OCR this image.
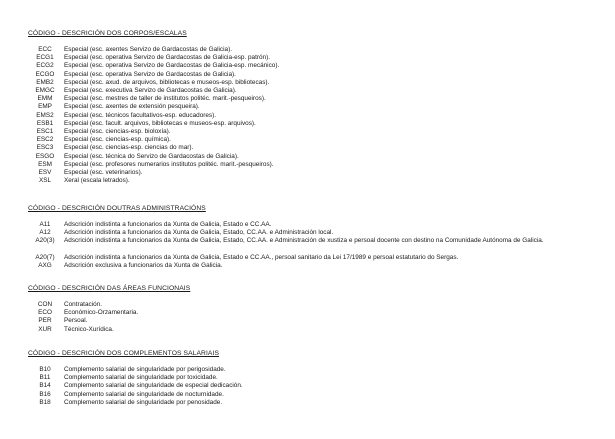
CÓDIGO - DESCRICIÓN DOS CORPOS/ESCALAS
ECC	Especial (esc. axentes Servizo de Gardacostas de Galicia).
ECG1	Especial (esc. operativa Servizo de Gardacostas de Galicia-esp. patrón).
ECG2	Especial (esc. operativa Servizo de Gardacostas de Galicia-esp. mecánico).
ECGO	Especial (esc. operativa Servizo de Gardacostas de Galicia).
EMB2	Especial (esc. axud. de arquivos, bibliotecas e museos-esp. bibliotecas).
EMGC	Especial (esc. executiva Servizo de Gardacostas de Galicia).
EMM	Especial (esc. mestres de taller de institutos politéc. marit.-pesqueiros).
EMP	Especial (esc. axentes de extensión pesqueira).
EMS2	Especial (esc. técnicos facultativos-esp. educadores).
ESB1	Especial (esc. facult. arquivos, bibliotecas e museos-esp. arquivos).
ESC1	Especial (esc. ciencias-esp. bioloxía).
ESC2	Especial (esc. ciencias-esp. química).
ESC3	Especial (esc. ciencias-esp. ciencias do mar).
ESGO	Especial (esc. técnica do Servizo de Gardacostas de Galicia).
ESM	Especial (esc. profesores numerarios institutos politéc. marit.-pesqueiros).
ESV	Especial (esc. veterinarios).
XSL	Xeral (escala letrados).
CÓDIGO - DESCRICIÓN DOUTRAS ADMINISTRACIÓNS
A11	Adscrición indistinta a funcionarios da Xunta de Galicia, Estado e CC.AA.
A12	Adscrición indistinta a funcionarios da Xunta de Galicia, Estado, CC.AA. e Administración local.
A20(3)	Adscrición indistinta a funcionarios da Xunta de Galicia, Estado, CC.AA. e Administración de xustiza e persoal docente con destino na Comunidade Autónoma de Galicia.
A20(7)	Adscrición indistinta a funcionarios da Xunta de Galicia, Estado e CC.AA., persoal sanitario da Lei 17/1989 e persoal estatutario do Sergas.
AXG	Adscrición exclusiva a funcionarios da Xunta de Galicia.
CÓDIGO - DESCRICIÓN DAS ÁREAS FUNCIONAIS
CON	Contratación.
ECO	Económico-Orzamentaria.
PER	Persoal.
XUR	Técnico-Xurídica.
CÓDIGO - DESCRICIÓN DOS COMPLEMENTOS SALARIAIS
B10	Complemento salarial de singularidade por perigosidade.
B11	Complemento salarial de singularidade por toxicidade.
B14	Complemento salarial de singularidade de especial dedicación.
B16	Complemento salarial de singularidade de nocturnidade.
B18	Complemento salarial de singularidade por penosidade.
